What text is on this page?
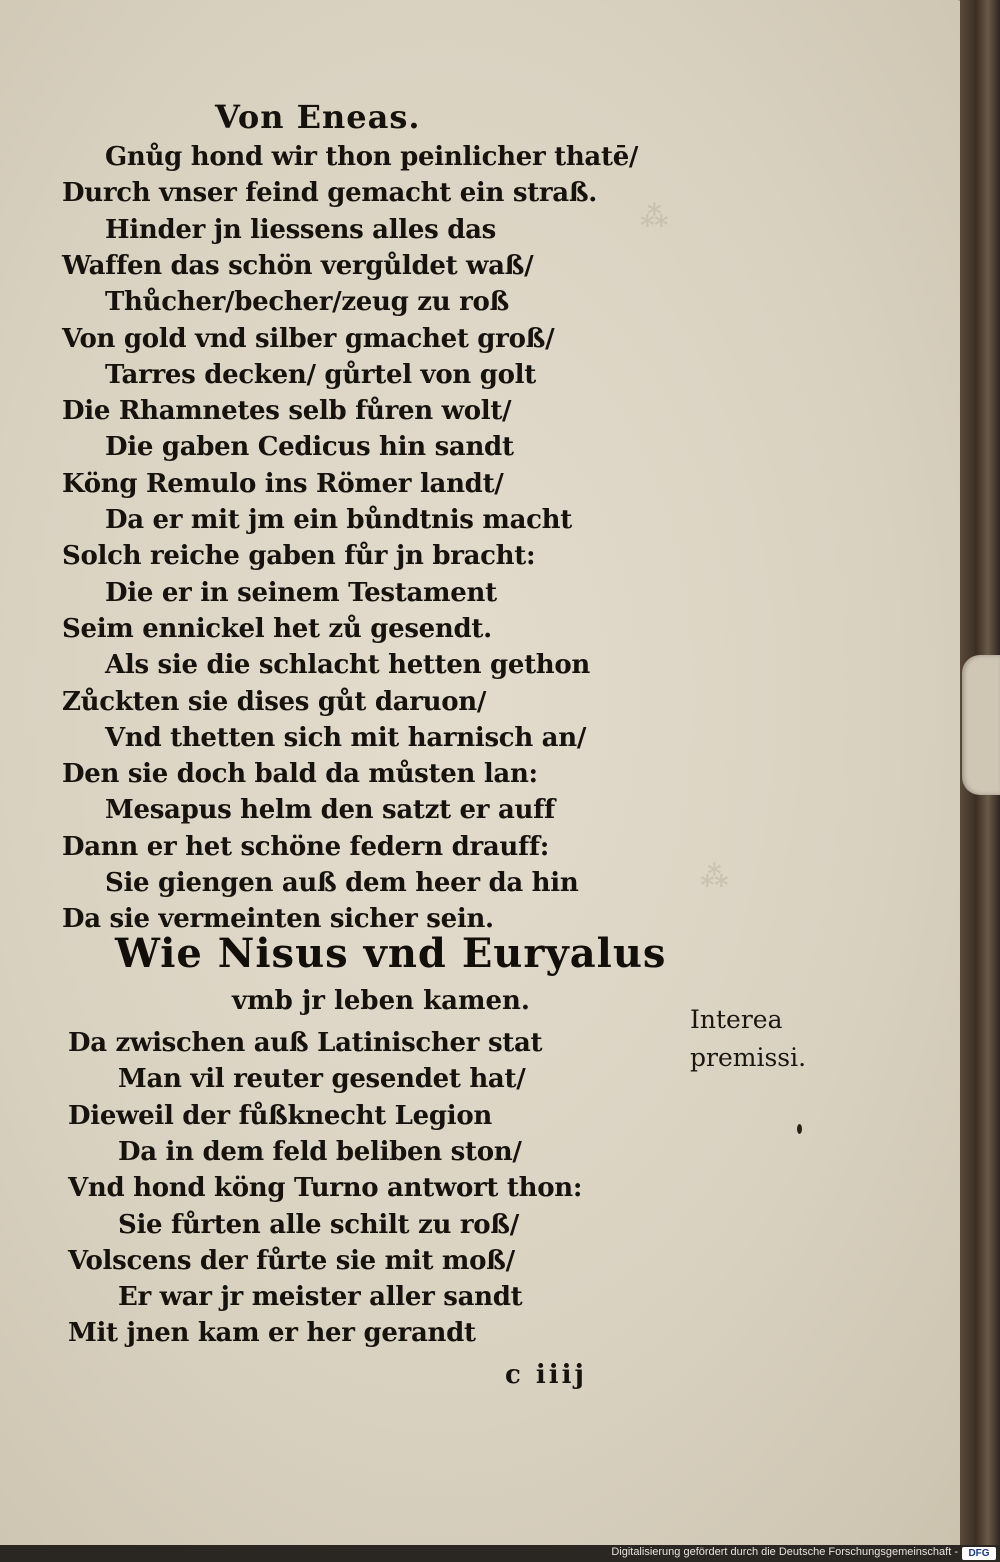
⁂
⁂
Von Eneas.
Gnůg hond wir thon peinlicher thatē/
Durch vnser feind gemacht ein straß.
Hinder jn liessens alles das
Waffen das schön vergůldet waß/
Thůcher/becher/zeug zu roß
Von gold vnd silber gmachet groß/
Tarres decken/ gůrtel von golt
Die Rhamnetes selb fůren wolt/
Die gaben Cedicus hin sandt
Köng Remulo ins Römer landt/
Da er mit jm ein bůndtnis macht
Solch reiche gaben fůr jn bracht:
Die er in seinem Testament
Seim ennickel het zů gesendt.
Als sie die schlacht hetten gethon
Zůckten sie dises gůt daruon/
Vnd thetten sich mit harnisch an/
Den sie doch bald da můsten lan:
Mesapus helm den satzt er auff
Dann er het schöne federn drauff:
Sie giengen auß dem heer da hin
Da sie vermeinten sicher sein.
Wie Nisus vnd Euryalus
vmb jr leben kamen.
Interea
premissi.
Da zwischen auß Latinischer stat
Man vil reuter gesendet hat/
Dieweil der fůßknecht Legion
Da in dem feld beliben ston/
Vnd hond köng Turno antwort thon:
Sie fůrten alle schilt zu roß/
Volscens der fůrte sie mit moß/
Er war jr meister aller sandt
Mit jnen kam er her gerandt
c iiij
Digitalisierung gefördert durch die Deutsche Forschungsgemeinschaft -	DFG
